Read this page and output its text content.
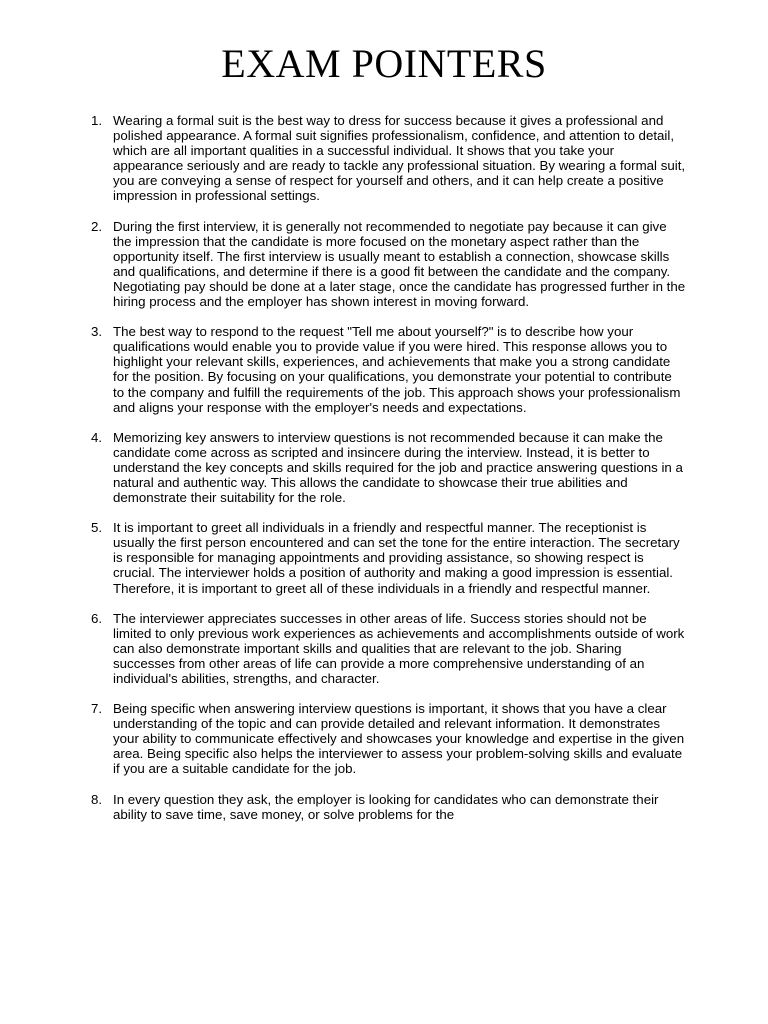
EXAM POINTERS
1. Wearing a formal suit is the best way to dress for success because it gives a professional and polished appearance. A formal suit signifies professionalism, confidence, and attention to detail, which are all important qualities in a successful individual. It shows that you take your appearance seriously and are ready to tackle any professional situation. By wearing a formal suit, you are conveying a sense of respect for yourself and others, and it can help create a positive impression in professional settings.
2. During the first interview, it is generally not recommended to negotiate pay because it can give the impression that the candidate is more focused on the monetary aspect rather than the opportunity itself. The first interview is usually meant to establish a connection, showcase skills and qualifications, and determine if there is a good fit between the candidate and the company. Negotiating pay should be done at a later stage, once the candidate has progressed further in the hiring process and the employer has shown interest in moving forward.
3. The best way to respond to the request "Tell me about yourself?" is to describe how your qualifications would enable you to provide value if you were hired. This response allows you to highlight your relevant skills, experiences, and achievements that make you a strong candidate for the position. By focusing on your qualifications, you demonstrate your potential to contribute to the company and fulfill the requirements of the job. This approach shows your professionalism and aligns your response with the employer's needs and expectations.
4. Memorizing key answers to interview questions is not recommended because it can make the candidate come across as scripted and insincere during the interview. Instead, it is better to understand the key concepts and skills required for the job and practice answering questions in a natural and authentic way. This allows the candidate to showcase their true abilities and demonstrate their suitability for the role.
5. It is important to greet all individuals in a friendly and respectful manner. The receptionist is usually the first person encountered and can set the tone for the entire interaction. The secretary is responsible for managing appointments and providing assistance, so showing respect is crucial. The interviewer holds a position of authority and making a good impression is essential. Therefore, it is important to greet all of these individuals in a friendly and respectful manner.
6. The interviewer appreciates successes in other areas of life. Success stories should not be limited to only previous work experiences as achievements and accomplishments outside of work can also demonstrate important skills and qualities that are relevant to the job. Sharing successes from other areas of life can provide a more comprehensive understanding of an individual's abilities, strengths, and character.
7. Being specific when answering interview questions is important, it shows that you have a clear understanding of the topic and can provide detailed and relevant information. It demonstrates your ability to communicate effectively and showcases your knowledge and expertise in the given area. Being specific also helps the interviewer to assess your problem-solving skills and evaluate if you are a suitable candidate for the job.
8. In every question they ask, the employer is looking for candidates who can demonstrate their ability to save time, save money, or solve problems for the
